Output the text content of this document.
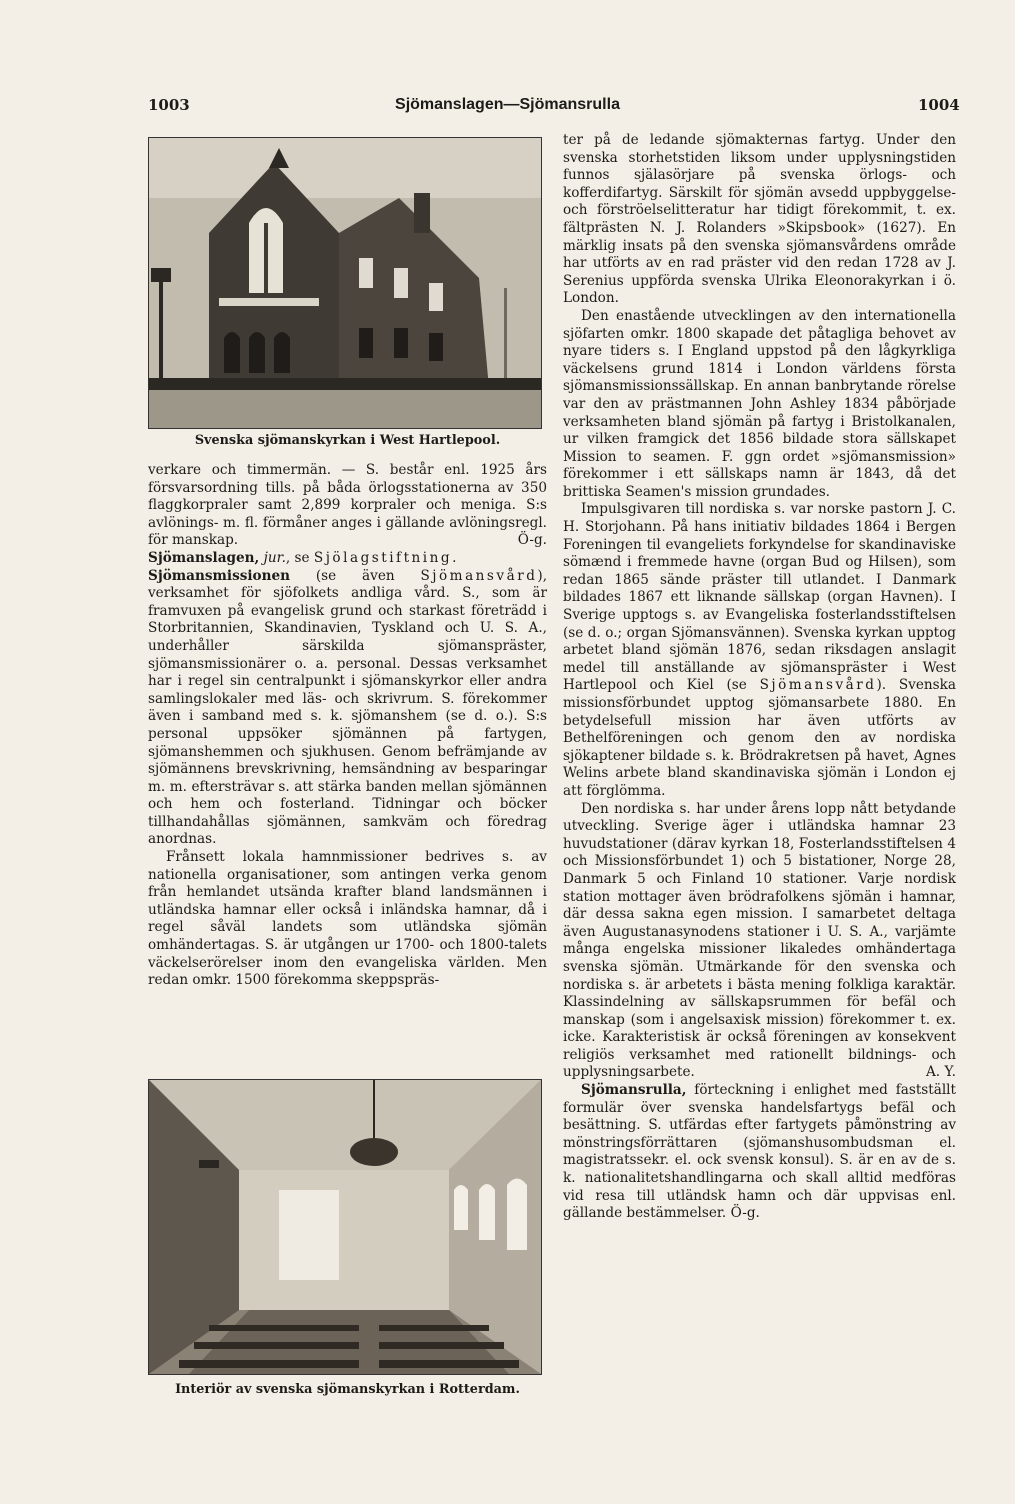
1003	Sjömanslagen—Sjömansrulla	1004
Svenska sjömanskyrkan i West Hartlepool.

verkare och timmermän. — S. består enl. 1925 års försvarsordning tills. på båda örlogsstationerna av 350 flaggkorpraler samt 2,899 korpraler och meniga. S:s avlönings- m. fl. förmåner anges i gällande avlöningsregl. för manskap.	Ö-g.

Sjömanslagen, jur., se Sjölagstiftning.

Sjömansmissionen (se även Sjömansvård), verksamhet för sjöfolkets andliga vård. S., som är framvuxen på evangelisk grund och starkast företrädd i Storbritannien, Skandinavien, Tyskland och U. S. A., underhåller särskilda sjömanspräster, sjömansmissionärer o. a. personal. Dessas verksamhet har i regel sin centralpunkt i sjömanskyrkor eller andra samlingslokaler med läs- och skrivrum. S. förekommer även i samband med s. k. sjömanshem (se d. o.). S:s personal uppsöker sjömännen på fartygen, sjömanshemmen och sjukhusen. Genom befrämjande av sjömännens brevskrivning, hemsändning av besparingar m. m. eftersträvar s. att stärka banden mellan sjömännen och hem och fosterland. Tidningar och böcker tillhandahållas sjömännen, samkväm och föredrag anordnas.

Frånsett lokala hamnmissioner bedrives s. av nationella organisationer, som antingen verka genom från hemlandet utsända krafter bland landsmännen i utländska hamnar eller också i inländska hamnar, då i regel såväl landets som utländska sjömän omhändertagas. S. är utgången ur 1700- och 1800-talets väckelserörelser inom den evangeliska världen. Men redan omkr. 1500 förekomma skeppspräs-

Interiör av svenska sjömanskyrkan i Rotterdam.

ter på de ledande sjömakternas fartyg. Under den svenska storhetstiden liksom under upplysningstiden funnos själasörjare på svenska örlogs- och kofferdifartyg. Särskilt för sjömän avsedd uppbyggelse- och förströelselitteratur har tidigt förekommit, t. ex. fältprästen N. J. Rolanders »Skipsbook» (1627). En märklig insats på den svenska sjömansvårdens område har utförts av en rad präster vid den redan 1728 av J. Serenius uppförda svenska Ulrika Eleonorakyrkan i ö. London.

Den enastående utvecklingen av den internationella sjöfarten omkr. 1800 skapade det påtagliga behovet av nyare tiders s. I England uppstod på den lågkyrkliga väckelsens grund 1814 i London världens första sjömansmissionssällskap. En annan banbrytande rörelse var den av prästmannen John Ashley 1834 påbörjade verksamheten bland sjömän på fartyg i Bristolkanalen, ur vilken framgick det 1856 bildade stora sällskapet Mission to seamen. F. ggn ordet »sjömansmission» förekommer i ett sällskaps namn är 1843, då det brittiska Seamen's mission grundades.

Impulsgivaren till nordiska s. var norske pastorn J. C. H. Storjohann. På hans initiativ bildades 1864 i Bergen Foreningen til evangeliets forkyndelse for skandinaviske sömænd i fremmede havne (organ Bud og Hilsen), som redan 1865 sände präster till utlandet. I Danmark bildades 1867 ett liknande sällskap (organ Havnen). I Sverige upptogs s. av Evangeliska fosterlandsstiftelsen (se d. o.; organ Sjömansvännen). Svenska kyrkan upptog arbetet bland sjömän 1876, sedan riksdagen anslagit medel till anställande av sjömanspräster i West Hartlepool och Kiel (se Sjömansvård). Svenska missionsförbundet upptog sjömansarbete 1880. En betydelsefull mission har även utförts av Bethelföreningen och genom den av nordiska sjökaptener bildade s. k. Brödrakretsen på havet, Agnes Welins arbete bland skandinaviska sjömän i London ej att förglömma.

Den nordiska s. har under årens lopp nått betydande utveckling. Sverige äger i utländska hamnar 23 huvudstationer (därav kyrkan 18, Fosterlandsstiftelsen 4 och Missionsförbundet 1) och 5 bistationer, Norge 28, Danmark 5 och Finland 10 stationer. Varje nordisk station mottager även brödrafolkens sjömän i hamnar, där dessa sakna egen mission. I samarbetet deltaga även Augustanasynodens stationer i U. S. A., varjämte många engelska missioner likaledes omhändertaga svenska sjömän. Utmärkande för den svenska och nordiska s. är arbetets i bästa mening folkliga karaktär. Klassindelning av sällskapsrummen för befäl och manskap (som i angelsaxisk mission) förekommer t. ex. icke. Karakteristisk är också föreningen av konsekvent religiös verksamhet med rationellt bildnings- och upplysningsarbete.	A. Y.

Sjömansrulla, förteckning i enlighet med fastställt formulär över svenska handelsfartygs befäl och besättning. S. utfärdas efter fartygets påmönstring av mönstringsförrättaren (sjömanshusombudsman el. magistratssekr. el. ock svensk konsul). S. är en av de s. k. nationalitetshandlingarna och skall alltid medföras vid resa till utländsk hamn och där uppvisas enl. gällande bestämmelser. Ö-g.
